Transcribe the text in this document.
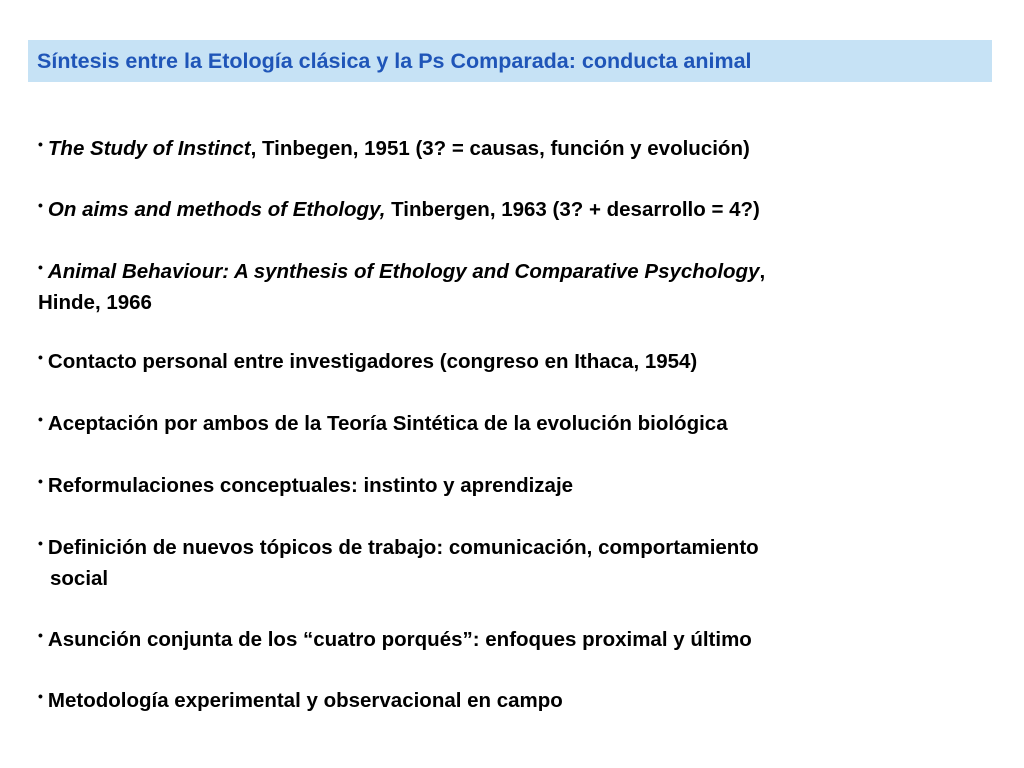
Síntesis entre la Etología clásica y la Ps Comparada: conducta animal
• The Study of Instinct, Tinbegen, 1951 (3? = causas, función y evolución)
• On aims and methods of Ethology, Tinbergen, 1963 (3? + desarrollo = 4?)
• Animal Behaviour: A synthesis of Ethology and Comparative Psychology,
Hinde, 1966
• Contacto personal entre investigadores (congreso en Ithaca, 1954)
• Aceptación por ambos de la Teoría Sintética de la evolución biológica
• Reformulaciones conceptuales: instinto y aprendizaje
• Definición de nuevos tópicos de trabajo: comunicación, comportamiento
social
• Asunción conjunta de los “cuatro porqués”: enfoques proximal y último
• Metodología experimental y observacional en campo
